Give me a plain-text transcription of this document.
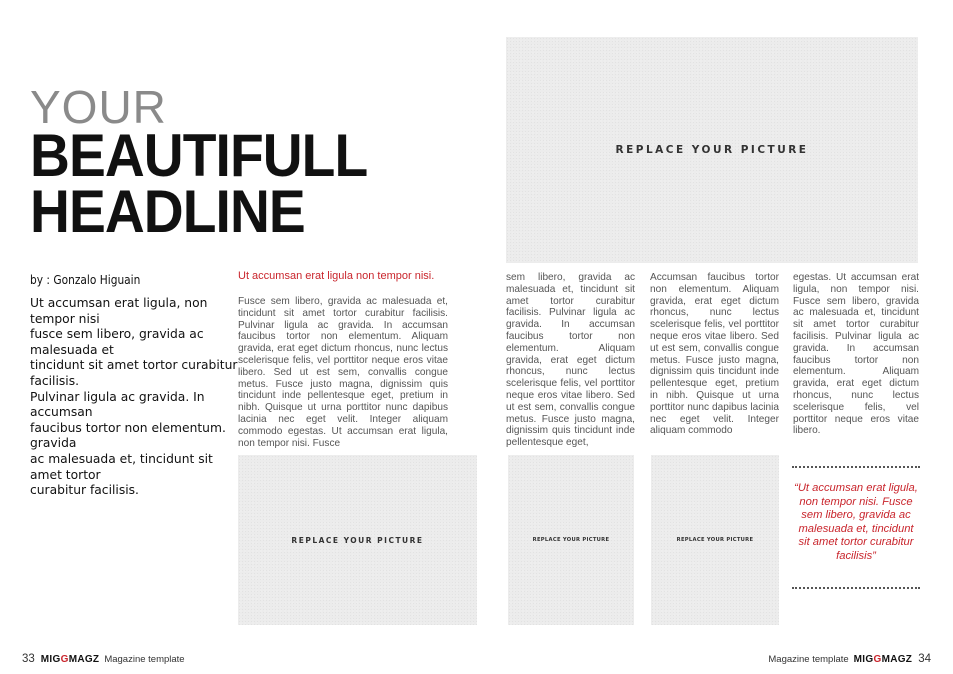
YOUR
BEAUTIFULL
HEADLINE
by : Gonzalo Higuain
Ut accumsan erat ligula, non tempor nisi
fusce sem libero, gravida ac malesuada et
tincidunt sit amet tortor curabitur facilisis.
Pulvinar ligula ac gravida. In accumsan
faucibus tortor non elementum. gravida
ac malesuada et, tincidunt sit amet tortor
curabitur facilisis.
Ut accumsan erat ligula non tempor nisi.
Fusce sem libero, gravida ac malesuada et, tincidunt sit amet tortor curabitur facilisis. Pulvinar ligula ac gravida. In accumsan faucibus tortor non elementum. Aliquam gravida, erat eget dictum rhoncus, nunc lectus scelerisque felis, vel porttitor neque eros vitae libero. Sed ut est sem, convallis congue metus. Fusce justo magna, dignissim quis tincidunt inde pellentesque eget, pretium in nibh. Quisque ut urna porttitor nunc dapibus lacinia nec eget velit. Integer aliquam commodo egestas. Ut accumsan erat ligula, non tempor nisi. Fusce
sem libero, gravida ac malesuada et, tincidunt sit amet tortor curabitur facilisis. Pulvinar ligula ac gravida. In accumsan faucibus tortor non elementum. Aliquam gravida, erat eget dictum rhoncus, nunc lectus scelerisque felis, vel porttitor neque eros vitae libero. Sed ut est sem, convallis congue metus. Fusce justo magna, dignissim quis tincidunt inde pellentesque eget,
Accumsan faucibus tortor non elementum. Aliquam gravida, erat eget dictum rhoncus, nunc lectus scelerisque felis, vel porttitor neque eros vitae libero. Sed ut est sem, convallis congue metus. Fusce justo magna, dignissim quis tincidunt inde pellentesque eget, pretium in nibh. Quisque ut urna porttitor nunc dapibus lacinia nec eget velit. Integer aliquam commodo
egestas. Ut accumsan erat ligula, non tempor nisi. Fusce sem libero, gravida ac malesuada et, tincidunt sit amet tortor curabitur facilisis. Pulvinar ligula ac gravida. In accumsan faucibus tortor non elementum. Aliquam gravida, erat eget dictum rhoncus, nunc lectus scelerisque felis, vel porttitor neque eros vitae libero.
REPLACE YOUR PICTURE
REPLACE YOUR PICTURE	REPLACE YOUR PICTURE	REPLACE YOUR PICTURE
“Ut accumsan erat ligula, non tempor nisi. Fusce sem libero, gravida ac malesuada et, tincidunt sit amet tortor curabitur facilisis”
33 MIGGMAGZ Magazine template	Magazine template MIGGMAGZ 34
